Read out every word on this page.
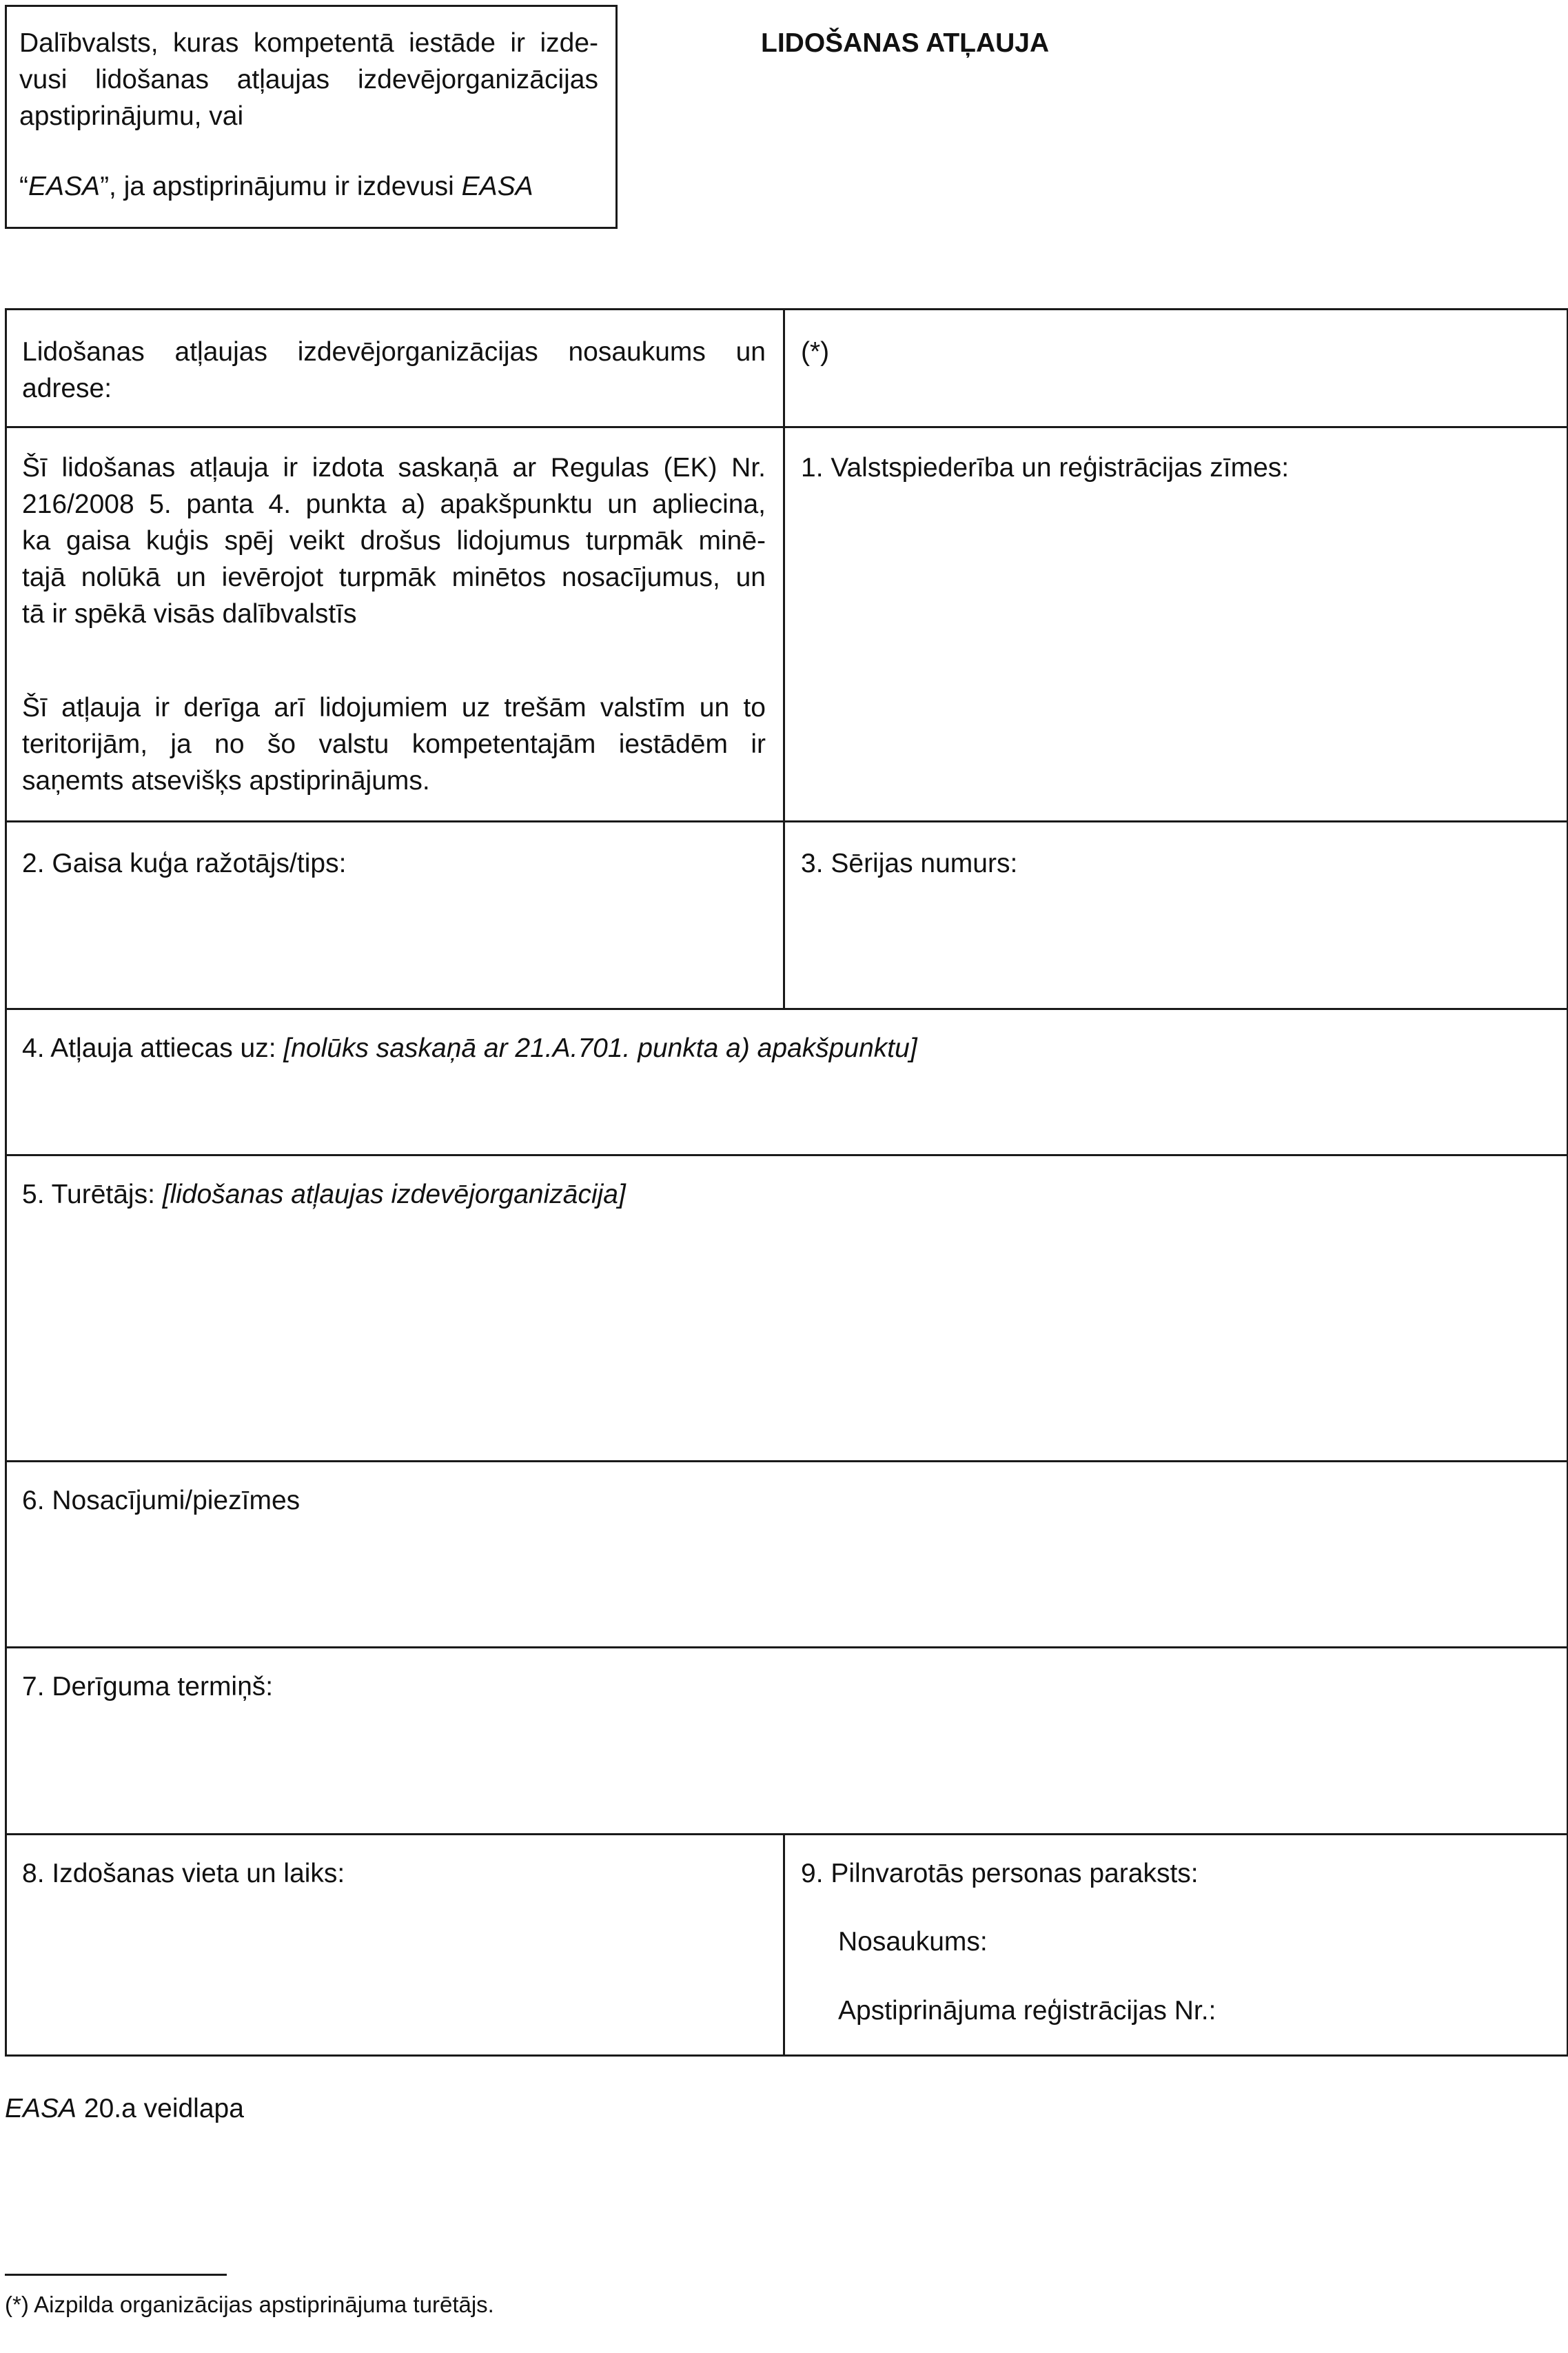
Dalībvalsts, kuras kompetentā iestāde ir izde-
vusi lidošanas atļaujas izdevējorganizācijas
apstiprinājumu, vai
“EASA”, ja apstiprinājumu ir izdevusi EASA
LIDOŠANAS ATĻAUJA
Lidošanas atļaujas izdevējorganizācijas nosaukums un
adrese:
(*)
Šī lidošanas atļauja ir izdota saskaņā ar Regulas (EK) Nr.
216/2008 5. panta 4. punkta a) apakšpunktu un apliecina,
ka gaisa kuģis spēj veikt drošus lidojumus turpmāk minē-
tajā nolūkā un ievērojot turpmāk minētos nosacījumus, un
tā ir spēkā visās dalībvalstīs
Šī atļauja ir derīga arī lidojumiem uz trešām valstīm un to
teritorijām, ja no šo valstu kompetentajām iestādēm ir
saņemts atsevišķs apstiprinājums.
1. Valstspiederība un reģistrācijas zīmes:
2. Gaisa kuģa ražotājs/tips:	3. Sērijas numurs:
4. Atļauja attiecas uz: [nolūks saskaņā ar 21.A.701. punkta a) apakšpunktu]
5. Turētājs: [lidošanas atļaujas izdevējorganizācija]
6. Nosacījumi/piezīmes
7. Derīguma termiņš:
8. Izdošanas vieta un laiks:	9. Pilnvarotās personas paraksts:
Nosaukums:
Apstiprinājuma reģistrācijas Nr.:
EASA 20.a veidlapa
(*) Aizpilda organizācijas apstiprinājuma turētājs.
